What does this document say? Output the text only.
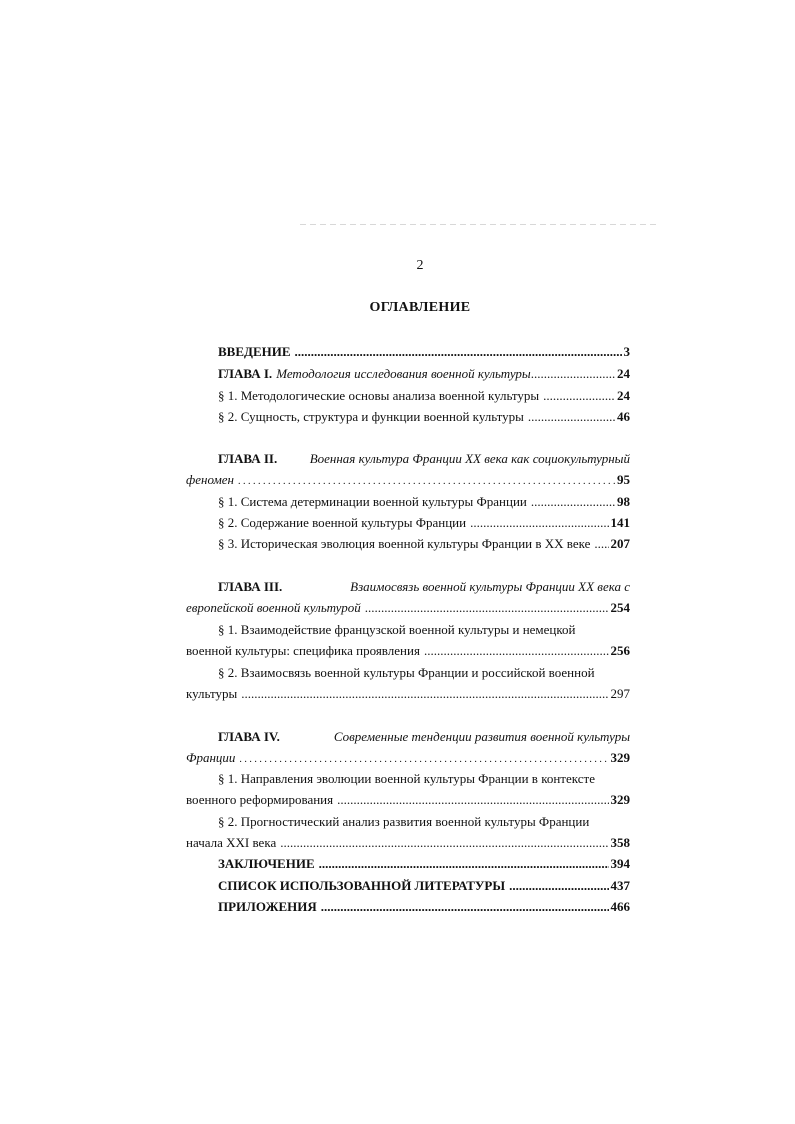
2
ОГЛАВЛЕНИЕ
ВВЕДЕНИЕ .....	3
ГЛАВА I. Методология исследования военной культуры .....	24
§ 1. Методологические основы анализа военной культуры .....	24
§ 2. Сущность, структура и функции военной культуры .....	46
ГЛАВА II. Военная культура Франции XX века как социокультурный
феномен . . .	95
§ 1. Система детерминации военной культуры Франции .....	98
§ 2. Содержание военной культуры Франции .....	141
§ 3. Историческая эволюция военной культуры Франции в XX веке ..... 207
ГЛАВА III.	Взаимосвязь военной культуры Франции XX века с
европейской военной культурой .....	254
§ 1. Взаимодействие французской военной культуры и немецкой
военной культуры: специфика проявления .....	256
§ 2. Взаимосвязь военной культуры Франции и российской военной
культуры .....	297
ГЛАВА IV.	Современные тенденции развития военной культуры
Франции . . .	329
§ 1. Направления эволюции военной культуры Франции в контексте
военного реформирования .....	329
§ 2. Прогностический анализ развития военной культуры Франции
начала XXI века .....	358
ЗАКЛЮЧЕНИЕ .....	394
СПИСОК ИСПОЛЬЗОВАННОЙ ЛИТЕРАТУРЫ .....	437
ПРИЛОЖЕНИЯ .....	466
